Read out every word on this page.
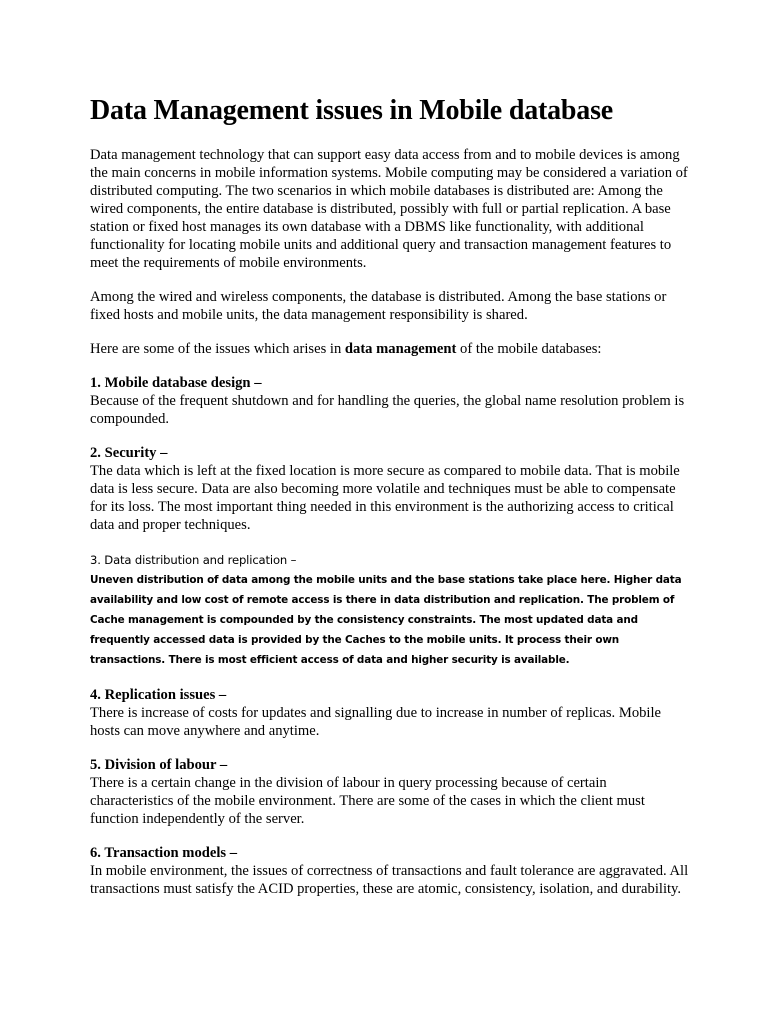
Data Management issues in Mobile database

Data management technology that can support easy data access from and to mobile devices is among the main concerns in mobile information systems. Mobile computing may be considered a variation of distributed computing. The two scenarios in which mobile databases is distributed are: Among the wired components, the entire database is distributed, possibly with full or partial replication. A base station or fixed host manages its own database with a DBMS like functionality, with additional functionality for locating mobile units and additional query and transaction management features to meet the requirements of mobile environments.

Among the wired and wireless components, the database is distributed. Among the base stations or fixed hosts and mobile units, the data management responsibility is shared.

Here are some of the issues which arises in data management of the mobile databases:

1. Mobile database design –
Because of the frequent shutdown and for handling the queries, the global name resolution problem is compounded.
2. Security –
The data which is left at the fixed location is more secure as compared to mobile data. That is mobile data is less secure. Data are also becoming more volatile and techniques must be able to compensate for its loss. The most important thing needed in this environment is the authorizing access to critical data and proper techniques.
3. Data distribution and replication –
Uneven distribution of data among the mobile units and the base stations take place here. Higher data availability and low cost of remote access is there in data distribution and replication. The problem of Cache management is compounded by the consistency constraints. The most updated data and frequently accessed data is provided by the Caches to the mobile units. It process their own transactions. There is most efficient access of data and higher security is available.
4. Replication issues –
There is increase of costs for updates and signalling due to increase in number of replicas. Mobile hosts can move anywhere and anytime.
5. Division of labour –
There is a certain change in the division of labour in query processing because of certain characteristics of the mobile environment. There are some of the cases in which the client must function independently of the server.
6. Transaction models –
In mobile environment, the issues of correctness of transactions and fault tolerance are aggravated. All transactions must satisfy the ACID properties, these are atomic, consistency, isolation, and durability.
